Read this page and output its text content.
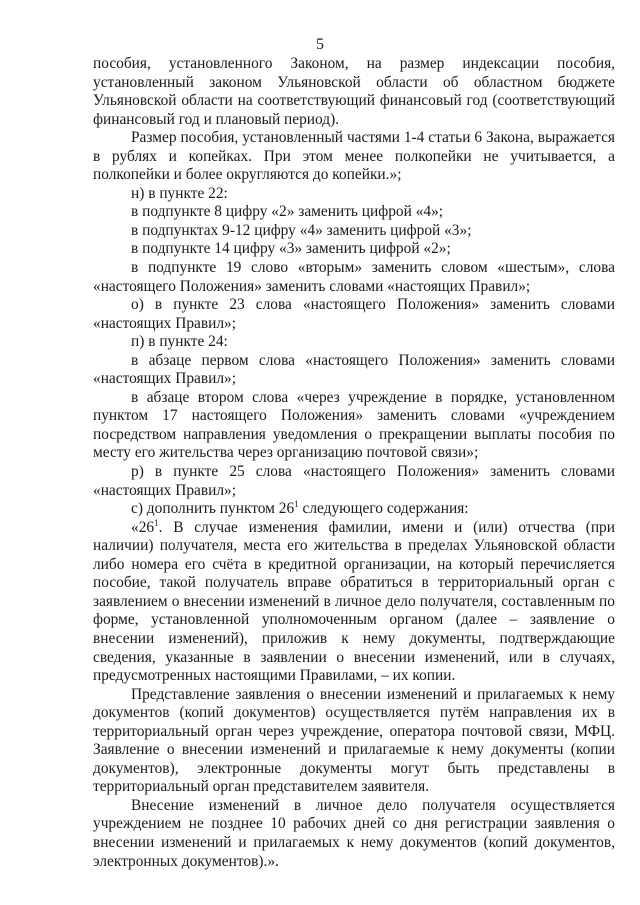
5

пособия, установленного Законом, на размер индексации пособия, установленный законом Ульяновской области об областном бюджете Ульяновской области на соответствующий финансовый год (соответствующий финансовый год и плановый период).

Размер пособия, установленный частями 1-4 статьи 6 Закона, выражается в рублях и копейках. При этом менее полкопейки не учитывается, а полкопейки и более округляются до копейки.»;

н) в пункте 22:

в подпункте 8 цифру «2» заменить цифрой «4»;

в подпунктах 9-12 цифру «4» заменить цифрой «3»;

в подпункте 14 цифру «3» заменить цифрой «2»;

в подпункте 19 слово «вторым» заменить словом «шестым», слова «настоящего Положения» заменить словами «настоящих Правил»;

о) в пункте 23 слова «настоящего Положения» заменить словами «настоящих Правил»;

п) в пункте 24:

в абзаце первом слова «настоящего Положения» заменить словами «настоящих Правил»;

в абзаце втором слова «через учреждение в порядке, установленном пунктом 17 настоящего Положения» заменить словами «учреждением посредством направления уведомления о прекращении выплаты пособия по месту его жительства через организацию почтовой связи»;

р) в пункте 25 слова «настоящего Положения» заменить словами «настоящих Правил»;

с) дополнить пунктом $26^1$ следующего содержания:

«$26^1$. В случае изменения фамилии, имени и (или) отчества (при наличии) получателя, места его жительства в пределах Ульяновской области либо номера его счёта в кредитной организации, на который перечисляется пособие, такой получатель вправе обратиться в территориальный орган с заявлением о внесении изменений в личное дело получателя, составленным по форме, установленной уполномоченным органом (далее – заявление о внесении изменений), приложив к нему документы, подтверждающие сведения, указанные в заявлении о внесении изменений, или в случаях, предусмотренных настоящими Правилами, – их копии.

Представление заявления о внесении изменений и прилагаемых к нему документов (копий документов) осуществляется путём направления их в территориальный орган через учреждение, оператора почтовой связи, МФЦ. Заявление о внесении изменений и прилагаемые к нему документы (копии документов), электронные документы могут быть представлены в территориальный орган представителем заявителя.

Внесение изменений в личное дело получателя осуществляется учреждением не позднее 10 рабочих дней со дня регистрации заявления о внесении изменений и прилагаемых к нему документов (копий документов, электронных документов).».
